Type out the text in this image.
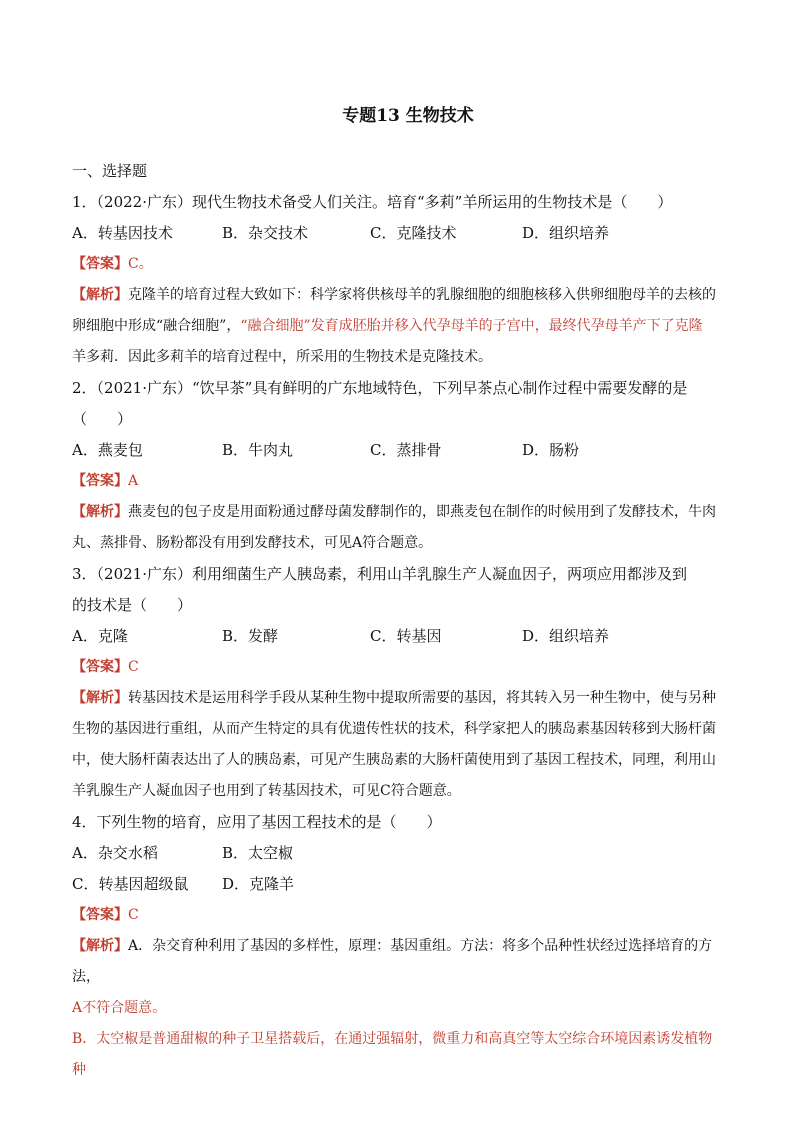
专题13 生物技术
一、选择题
1．（2022·广东）现代生物技术备受人们关注。培育“多莉”羊所运用的生物技术是（　　）
A．转基因技术	B．杂交技术	C．克隆技术	D．组织培养
【答案】C。
【解析】克隆羊的培育过程大致如下：科学家将供核母羊的乳腺细胞的细胞核移入供卵细胞母羊的去核的
卵细胞中形成“融合细胞”，“融合细胞”发育成胚胎并移入代孕母羊的子宫中，最终代孕母羊产下了克隆
羊多莉．因此多莉羊的培育过程中，所采用的生物技术是克隆技术。
2．（2021·广东）“饮早茶”具有鲜明的广东地域特色，下列早茶点心制作过程中需要发酵的是
（　　）
A．燕麦包	B．牛肉丸	C．蒸排骨	D．肠粉
【答案】A
【解析】燕麦包的包子皮是用面粉通过酵母菌发酵制作的，即燕麦包在制作的时候用到了发酵技术，牛肉
丸、蒸排骨、肠粉都没有用到发酵技术，可见A符合题意。
3．（2021·广东）利用细菌生产人胰岛素，利用山羊乳腺生产人凝血因子，两项应用都涉及到
的技术是（　　）
A．克隆	B．发酵	C．转基因	D．组织培养
【答案】C
【解析】转基因技术是运用科学手段从某种生物中提取所需要的基因，将其转入另一种生物中，使与另种
生物的基因进行重组，从而产生特定的具有优遗传性状的技术，科学家把人的胰岛素基因转移到大肠杆菌
中，使大肠杆菌表达出了人的胰岛素，可见产生胰岛素的大肠杆菌使用到了基因工程技术，同理，利用山
羊乳腺生产人凝血因子也用到了转基因技术，可见C符合题意。
4．下列生物的培育，应用了基因工程技术的是（　　）
A．杂交水稻	B．太空椒
C．转基因超级鼠	D．克隆羊
【答案】C
【解析】A．杂交育种利用了基因的多样性，原理：基因重组。方法：将多个品种性状经过选择培育的方法，
A不符合题意。
B．太空椒是普通甜椒的种子卫星搭载后，在通过强辐射，微重力和高真空等太空综合环境因素诱发植物种
